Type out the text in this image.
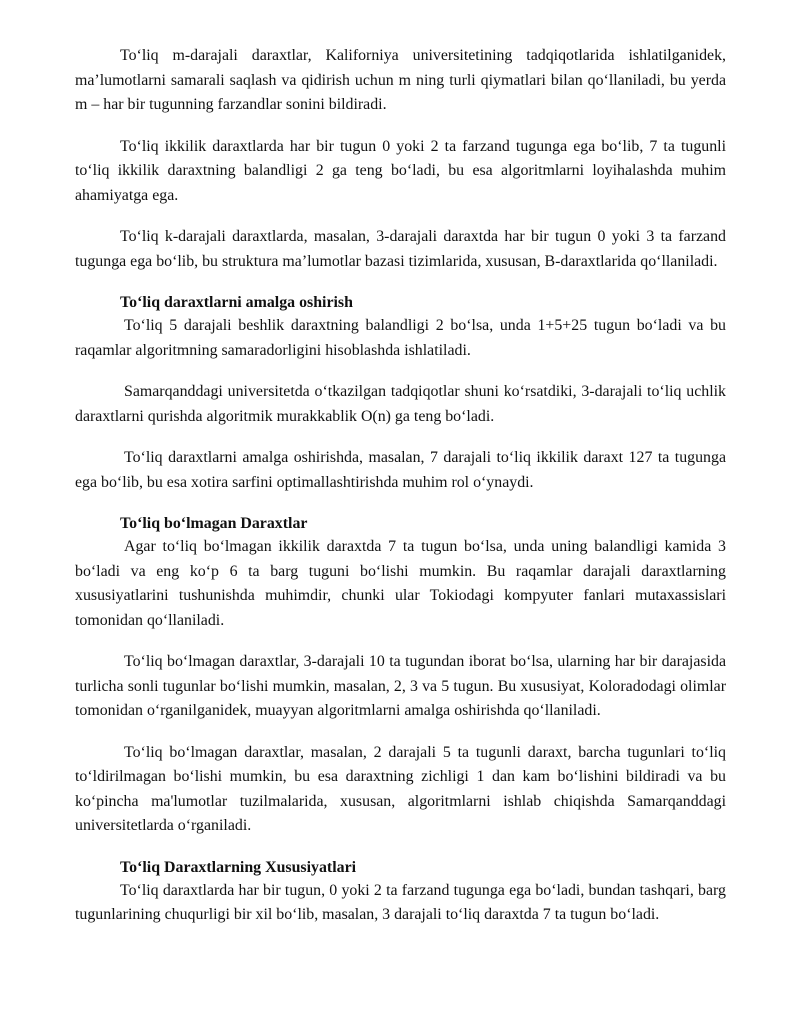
To‘liq m-darajali daraxtlar, Kaliforniya universitetining tadqiqotlarida ishlatilganidek, ma’lumotlarni samarali saqlash va qidirish uchun m ning turli qiymatlari bilan qo‘llaniladi, bu yerda m – har bir tugunning farzandlar sonini bildiradi.

To‘liq ikkilik daraxtlarda har bir tugun 0 yoki 2 ta farzand tugunga ega bo‘lib, 7 ta tugunli to‘liq ikkilik daraxtning balandligi 2 ga teng bo‘ladi, bu esa algoritmlarni loyihalashda muhim ahamiyatga ega.

To‘liq k-darajali daraxtlarda, masalan, 3-darajali daraxtda har bir tugun 0 yoki 3 ta farzand tugunga ega bo‘lib, bu struktura ma’lumotlar bazasi tizimlarida, xususan, B-daraxtlarida qo‘llaniladi.

To‘liq daraxtlarni amalga oshirish

To‘liq 5 darajali beshlik daraxtning balandligi 2 bo‘lsa, unda 1+5+25 tugun bo‘ladi va bu raqamlar algoritmning samaradorligini hisoblashda ishlatiladi.

Samarqanddagi universitetda o‘tkazilgan tadqiqotlar shuni ko‘rsatdiki, 3-darajali to‘liq uchlik daraxtlarni qurishda algoritmik murakkablik O(n) ga teng bo‘ladi.

To‘liq daraxtlarni amalga oshirishda, masalan, 7 darajali to‘liq ikkilik daraxt 127 ta tugunga ega bo‘lib, bu esa xotira sarfini optimallashtirishda muhim rol o‘ynaydi.

To‘liq bo‘lmagan Daraxtlar

Agar to‘liq bo‘lmagan ikkilik daraxtda 7 ta tugun bo‘lsa, unda uning balandligi kamida 3 bo‘ladi va eng ko‘p 6 ta barg tuguni bo‘lishi mumkin. Bu raqamlar darajali daraxtlarning xususiyatlarini tushunishda muhimdir, chunki ular Tokiodagi kompyuter fanlari mutaxassislari tomonidan qo‘llaniladi.

To‘liq bo‘lmagan daraxtlar, 3-darajali 10 ta tugundan iborat bo‘lsa, ularning har bir darajasida turlicha sonli tugunlar bo‘lishi mumkin, masalan, 2, 3 va 5 tugun. Bu xususiyat, Koloradodagi olimlar tomonidan o‘rganilganidek, muayyan algoritmlarni amalga oshirishda qo‘llaniladi.

To‘liq bo‘lmagan daraxtlar, masalan, 2 darajali 5 ta tugunli daraxt, barcha tugunlari to‘liq to‘ldirilmagan bo‘lishi mumkin, bu esa daraxtning zichligi 1 dan kam bo‘lishini bildiradi va bu ko‘pincha ma'lumotlar tuzilmalarida, xususan, algoritmlarni ishlab chiqishda Samarqanddagi universitetlarda o‘rganiladi.

To‘liq Daraxtlarning Xususiyatlari

To‘liq daraxtlarda har bir tugun, 0 yoki 2 ta farzand tugunga ega bo‘ladi, bundan tashqari, barg tugunlarining chuqurligi bir xil bo‘lib, masalan, 3 darajali to‘liq daraxtda 7 ta tugun bo‘ladi.
